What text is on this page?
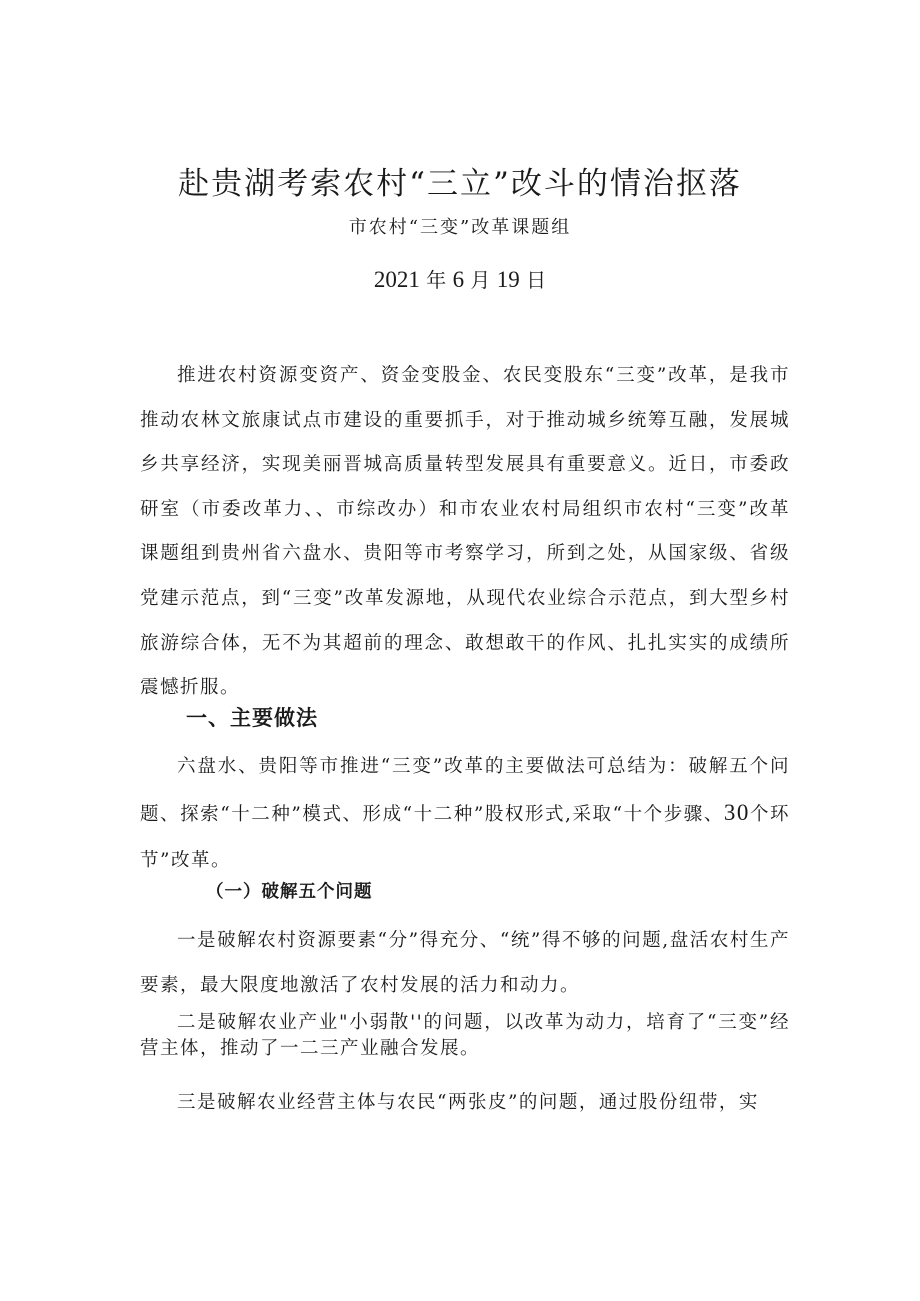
赴贵湖考索农村“三立”改斗的情治抠落
市农村“三变”改革课题组
2021 年 6 月 19 日

推进农村资源变资产、资金变股金、农民变股东“三变”改革，是我市推动农林文旅康试点市建设的重要抓手，对于推动城乡统筹互融，发展城乡共享经济，实现美丽晋城高质量转型发展具有重要意义。近日，市委政研室（市委改革力、、市综改办）和市农业农村局组织市农村“三变”改革课题组到贵州省六盘水、贵阳等市考察学习，所到之处，从国家级、省级党建示范点，到“三变”改革发源地，从现代农业综合示范点，到大型乡村旅游综合体，无不为其超前的理念、敢想敢干的作风、扎扎实实的成绩所震憾折服。

一、主要做法

六盘水、贵阳等市推进“三变”改革的主要做法可总结为：破解五个问题、探索“十二种”模式、形成“十二种”股权形式,采取“十个步骤、30个环节”改革。

（一）破解五个问题

一是破解农村资源要素“分”得充分、“统”得不够的问题,盘活农村生产要素，最大限度地激活了农村发展的活力和动力。

二是破解农业产业"小弱散''的问题，以改革为动力，培育了“三变”经营主体，推动了一二三产业融合发展。

三是破解农业经营主体与农民“两张皮”的问题，通过股份纽带，实
